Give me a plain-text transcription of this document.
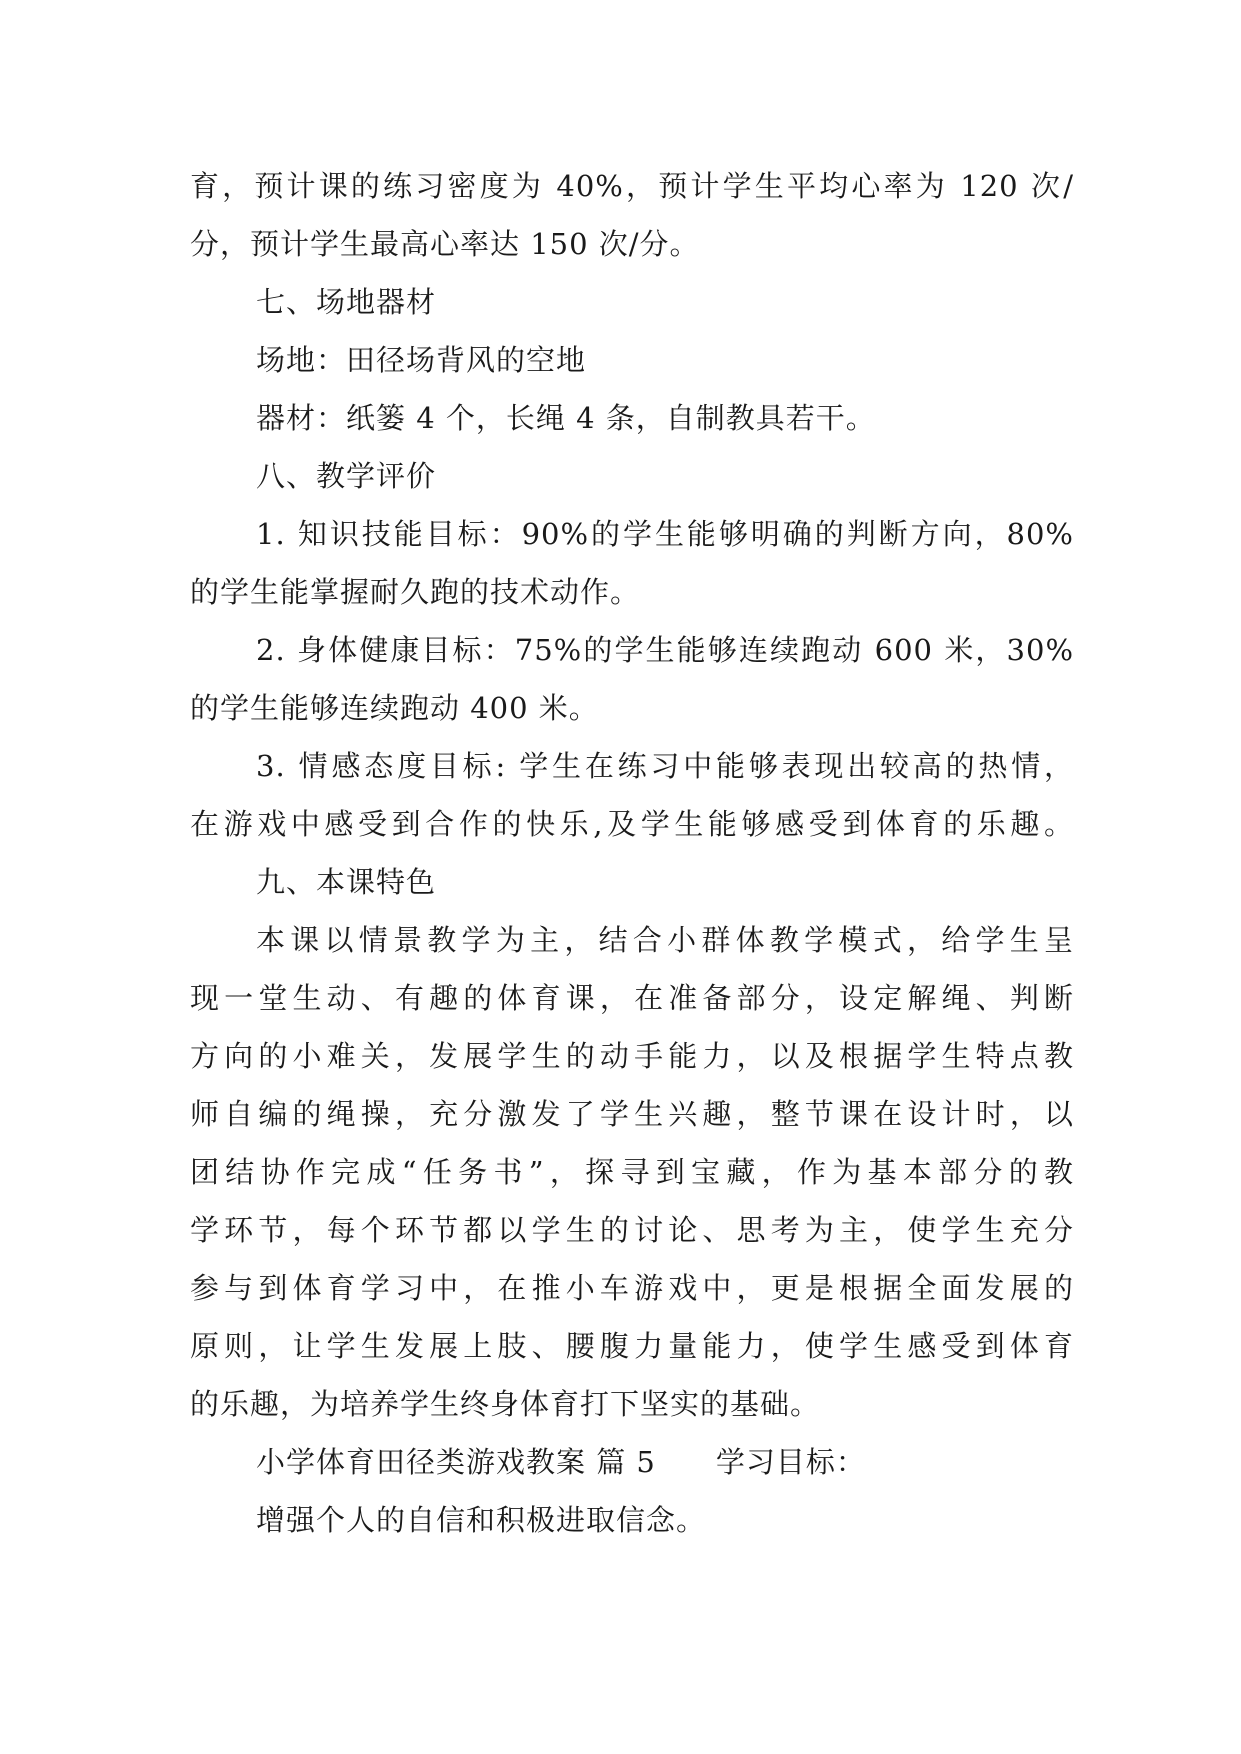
育，预计课的练习密度为 40%，预计学生平均心率为 120 次/
分，预计学生最高心率达 150 次/分。
七、场地器材
场地：田径场背风的空地
器材：纸篓 4 个，长绳 4 条，自制教具若干。
八、教学评价
1. 知识技能目标：90%的学生能够明确的判断方向，80%
的学生能掌握耐久跑的技术动作。
2. 身体健康目标：75%的学生能够连续跑动 600 米，30%
的学生能够连续跑动 400 米。
3. 情感态度目标: 学生在练习中能够表现出较高的热情，
在游戏中感受到合作的快乐,及学生能够感受到体育的乐趣。
九、本课特色
本课以情景教学为主，结合小群体教学模式，给学生呈
现一堂生动、有趣的体育课，在准备部分，设定解绳、判断
方向的小难关，发展学生的动手能力，以及根据学生特点教
师自编的绳操，充分激发了学生兴趣，整节课在设计时，以
团结协作完成“任务书”，探寻到宝藏，作为基本部分的教
学环节，每个环节都以学生的讨论、思考为主，使学生充分
参与到体育学习中，在推小车游戏中，更是根据全面发展的
原则，让学生发展上肢、腰腹力量能力，使学生感受到体育
的乐趣，为培养学生终身体育打下坚实的基础。
小学体育田径类游戏教案 篇 5 学习目标：
增强个人的自信和积极进取信念。
